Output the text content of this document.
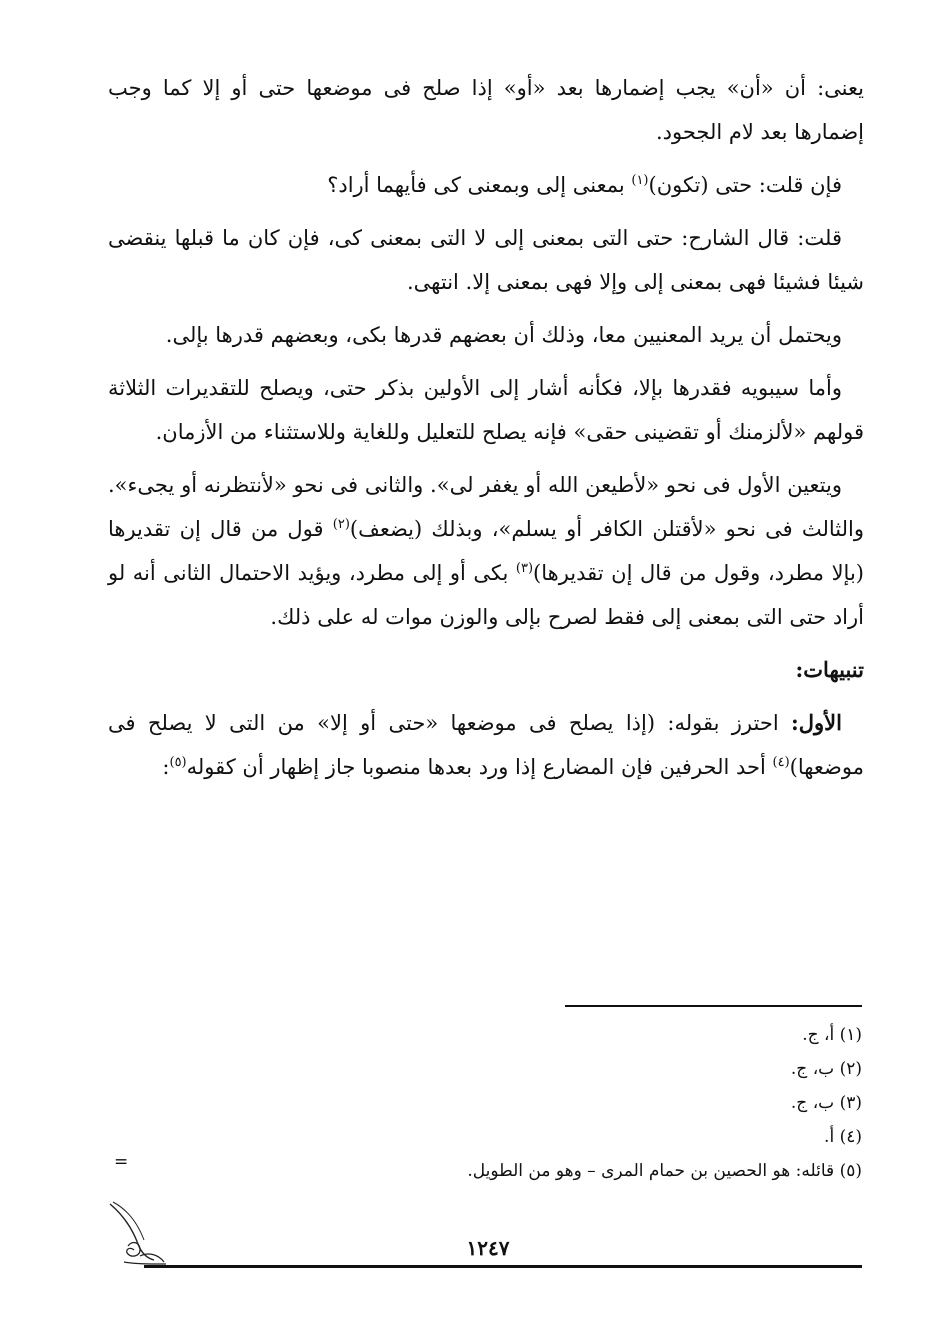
يعنى: أن «أن» يجب إضمارها بعد «أو» إذا صلح فى موضعها حتى أو إلا كما وجب إضمارها بعد لام الجحود.

فإن قلت: حتى (تكون)$^{(١)}$ بمعنى إلى وبمعنى كى فأيهما أراد؟

قلت: قال الشارح: حتى التى بمعنى إلى لا التى بمعنى كى، فإن كان ما قبلها ينقضى شيئا فشيئا فهى بمعنى إلى وإلا فهى بمعنى إلا. انتهى.

ويحتمل أن يريد المعنيين معا، وذلك أن بعضهم قدرها بكى، وبعضهم قدرها بإلى.

وأما سيبويه فقدرها بإلا، فكأنه أشار إلى الأولين بذكر حتى، ويصلح للتقديرات الثلاثة قولهم «لألزمنك أو تقضينى حقى» فإنه يصلح للتعليل وللغاية وللاستثناء من الأزمان.

ويتعين الأول فى نحو «لأطيعن الله أو يغفر لى». والثانى فى نحو «لأنتظرنه أو يجىء». والثالث فى نحو «لأقتلن الكافر أو يسلم»، وبذلك (يضعف)$^{(٢)}$ قول من قال إن تقديرها (بإلا مطرد، وقول من قال إن تقديرها)$^{(٣)}$ بكى أو إلى مطرد، ويؤيد الاحتمال الثانى أنه لو أراد حتى التى بمعنى إلى فقط لصرح بإلى والوزن موات له على ذلك.

تنبيهات:

الأول: احترز بقوله: (إذا يصلح فى موضعها «حتى أو إلا» من التى لا يصلح فى موضعها)$^{(٤)}$ أحد الحرفين فإن المضارع إذا ورد بعدها منصوبا جاز إظهار أن كقوله$^{(٥)}$:

(١) أ، ج.

(٢) ب، ج.

(٣) ب، ج.

(٤) أ.

(٥) قائله: هو الحصين بن حمام المرى – وهو من الطويل.

=
١٢٤٧
